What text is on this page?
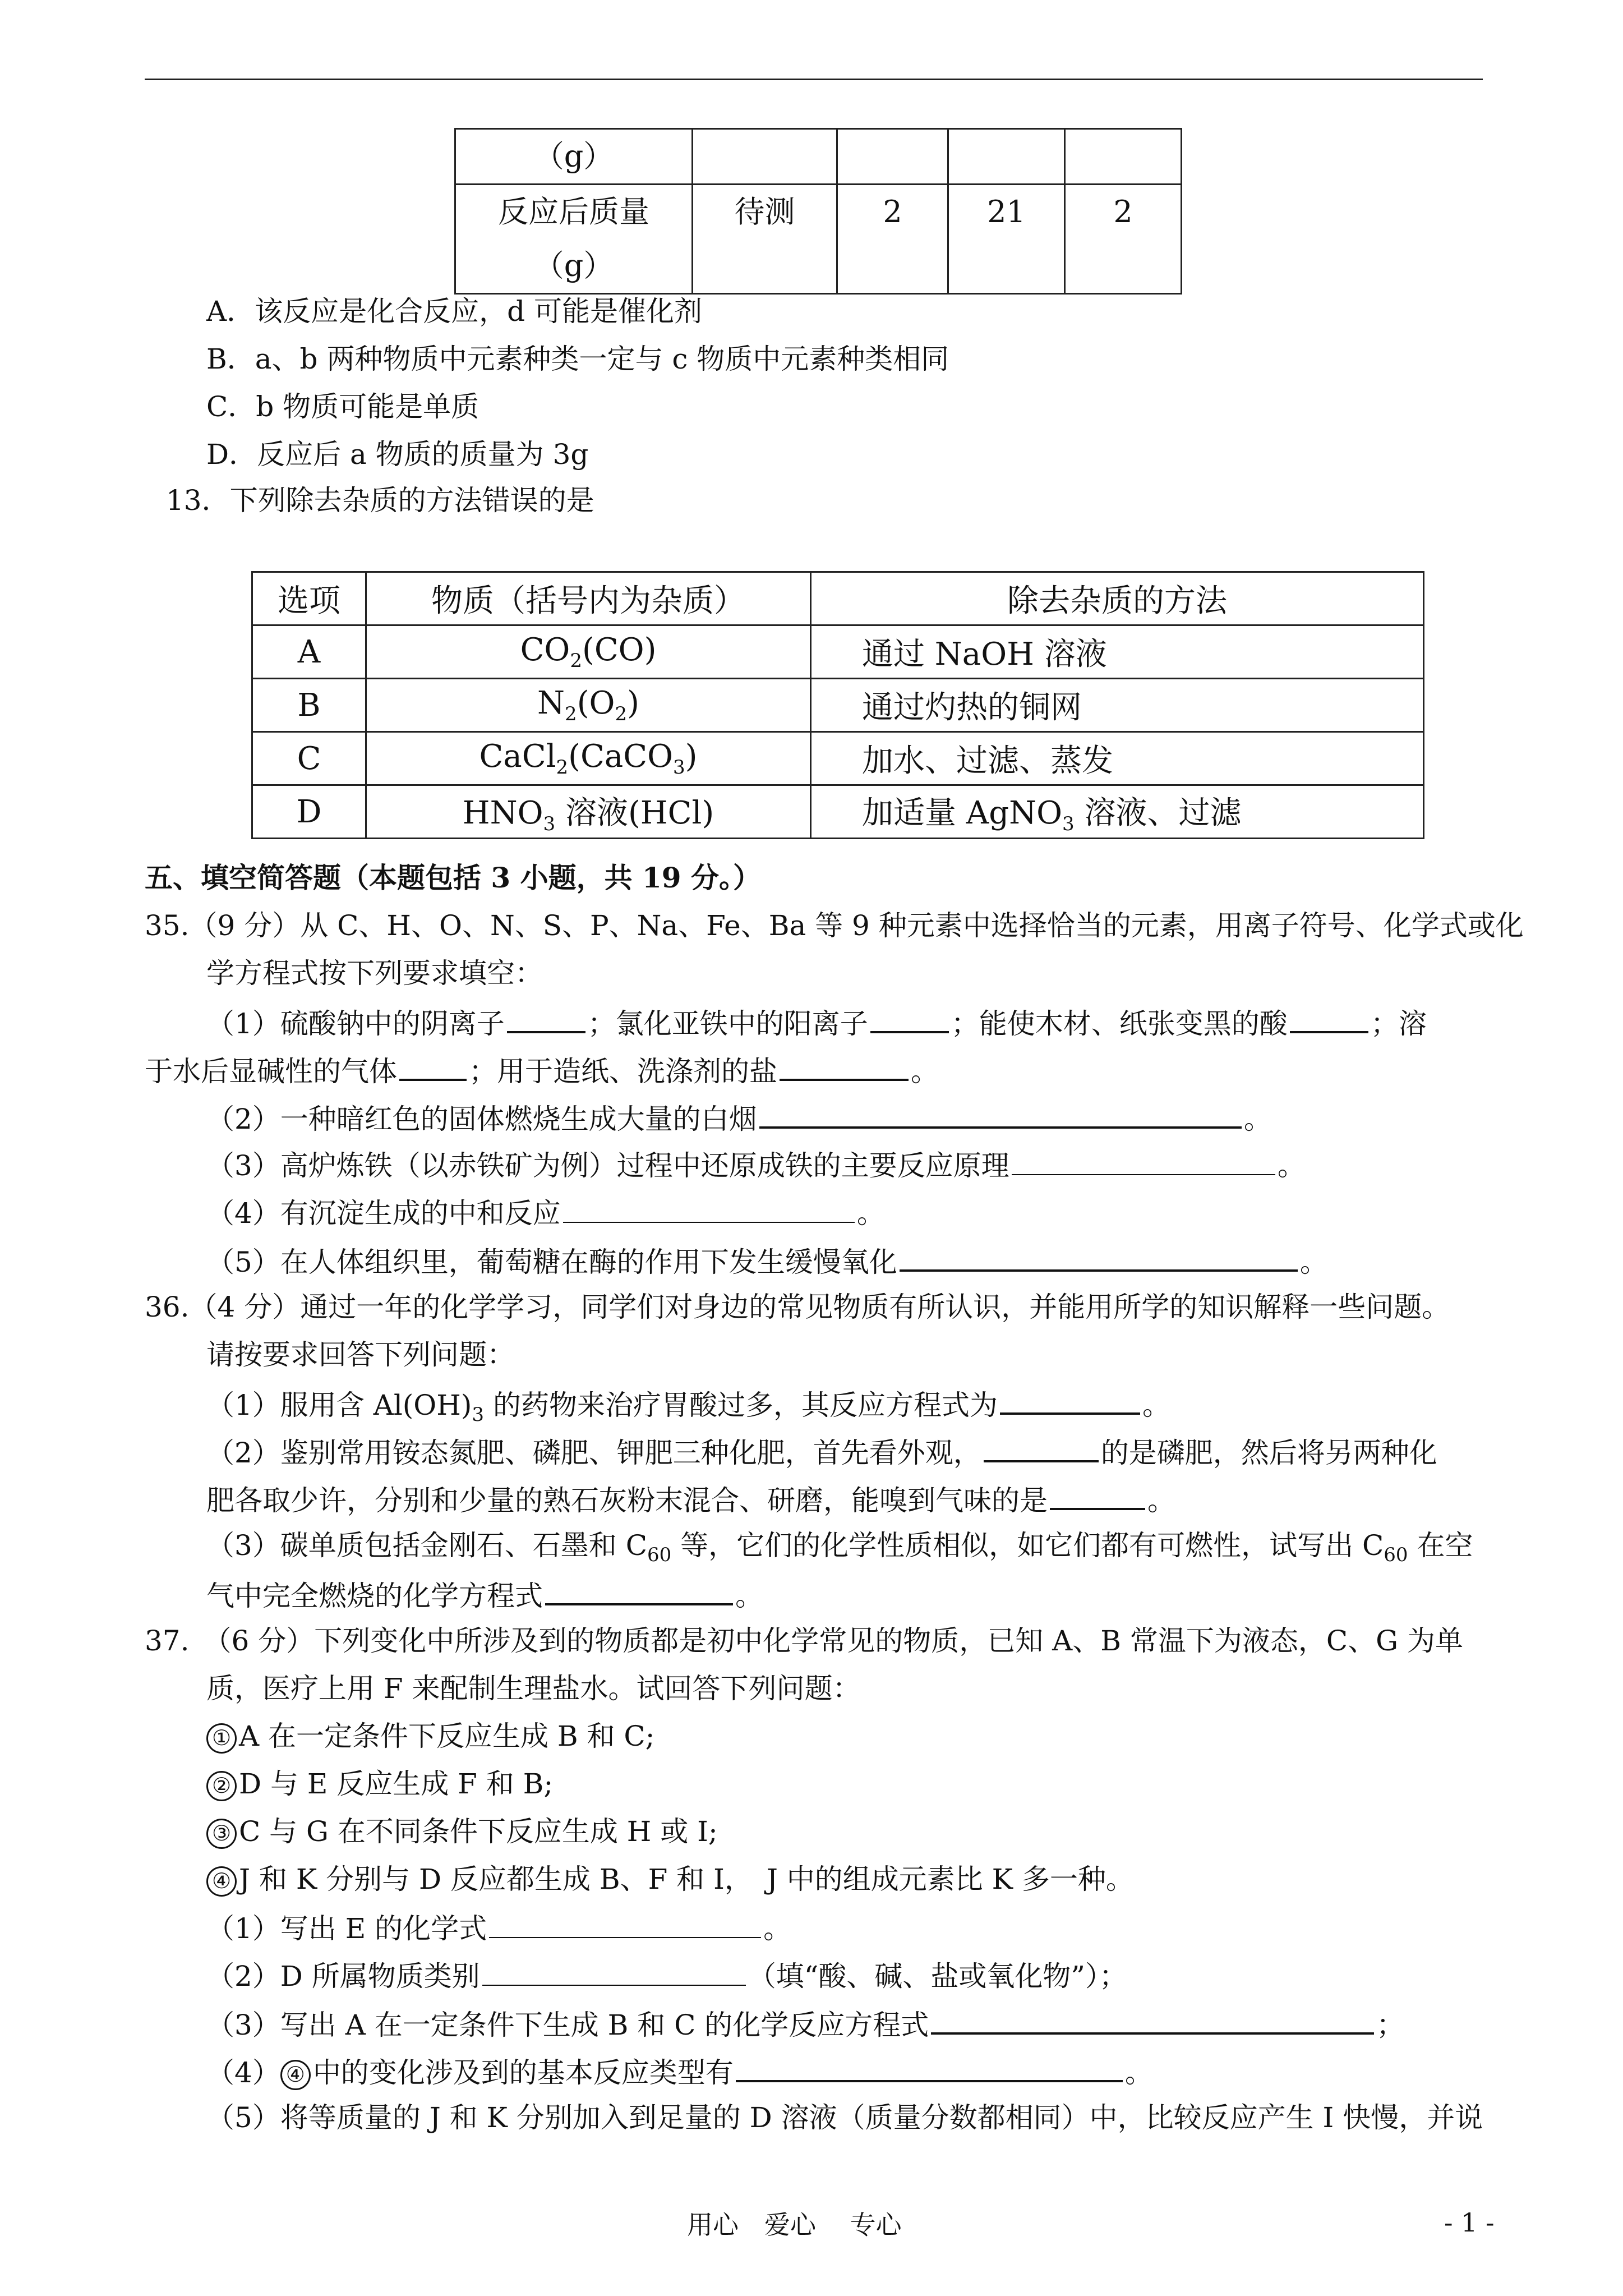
（g）				

反应后质量
（g）	待测	2	21	2
A．该反应是化合反应，d 可能是催化剂
B．a、b 两种物质中元素种类一定与 c 物质中元素种类相同
C．b 物质可能是单质
D．反应后 a 物质的质量为 3g
13．下列除去杂质的方法错误的是
选项	物质（括号内为杂质）	除去杂质的方法
A	$CO_2(CO)$	通过 NaOH 溶液
B	$N_2(O_2)$	通过灼热的铜网
C	CaCl$_2$(CaCO$_3$)	加水、过滤、蒸发
D	$HNO_3$ 溶液(HCl)	加适量 AgNO$_3$ 溶液、过滤
五、填空简答题（本题包括 3 小题，共 19 分。）
35.（9 分）从 C、H、O、N、S、P、Na、Fe、Ba 等 9 种元素中选择恰当的元素，用离子符号、化学式或化
学方程式按下列要求填空：
（1）硫酸钠中的阴离子	；氯化亚铁中的阳离子	；能使木材、纸张变黑的酸	；溶
于水后显碱性的气体	；用于造纸、洗涤剂的盐	。
（2）一种暗红色的固体燃烧生成大量的白烟	。
（3）高炉炼铁（以赤铁矿为例）过程中还原成铁的主要反应原理	。
（4）有沉淀生成的中和反应	。
（5）在人体组织里，葡萄糖在酶的作用下发生缓慢氧化	。
36.（4 分）通过一年的化学学习，同学们对身边的常见物质有所认识，并能用所学的知识解释一些问题。
请按要求回答下列问题：
（1）服用含 $Al(OH)_3$ 的药物来治疗胃酸过多，其反应方程式为	。
（2）鉴别常用铵态氮肥、磷肥、钾肥三种化肥，首先看外观，	的是磷肥，然后将另两种化
肥各取少许，分别和少量的熟石灰粉末混合、研磨，能嗅到气味的是	。
（3）碳单质包括金刚石、石墨和 $C_{60}$ 等，它们的化学性质相似，如它们都有可燃性，试写出 $C_{60}$ 在空
气中完全燃烧的化学方程式	。
37.　（6 分）下列变化中所涉及到的物质都是初中化学常见的物质，已知 A、B 常温下为液态，C、G 为单
质，医疗上用 F 来配制生理盐水。试回答下列问题：
① A 在一定条件下反应生成 B 和 C;
② D 与 E 反应生成 F 和 B;
③ C 与 G 在不同条件下反应生成 H 或 I;
④ J 和 K 分别与 D 反应都生成 B、F 和 I，　J 中的组成元素比 K 多一种。
（1）写出 E 的化学式	。
（2）D 所属物质类别	（填“酸、碱、盐或氧化物”）；
（3）写出 A 在一定条件下生成 B 和 C 的化学反应方程式	；
（4） ④ 中的变化涉及到的基本反应类型有	。
（5）将等质量的 J 和 K 分别加入到足量的 D 溶液（质量分数都相同）中，比较反应产生 I 快慢，并说
用心　爱心　 专心	- 1 -
